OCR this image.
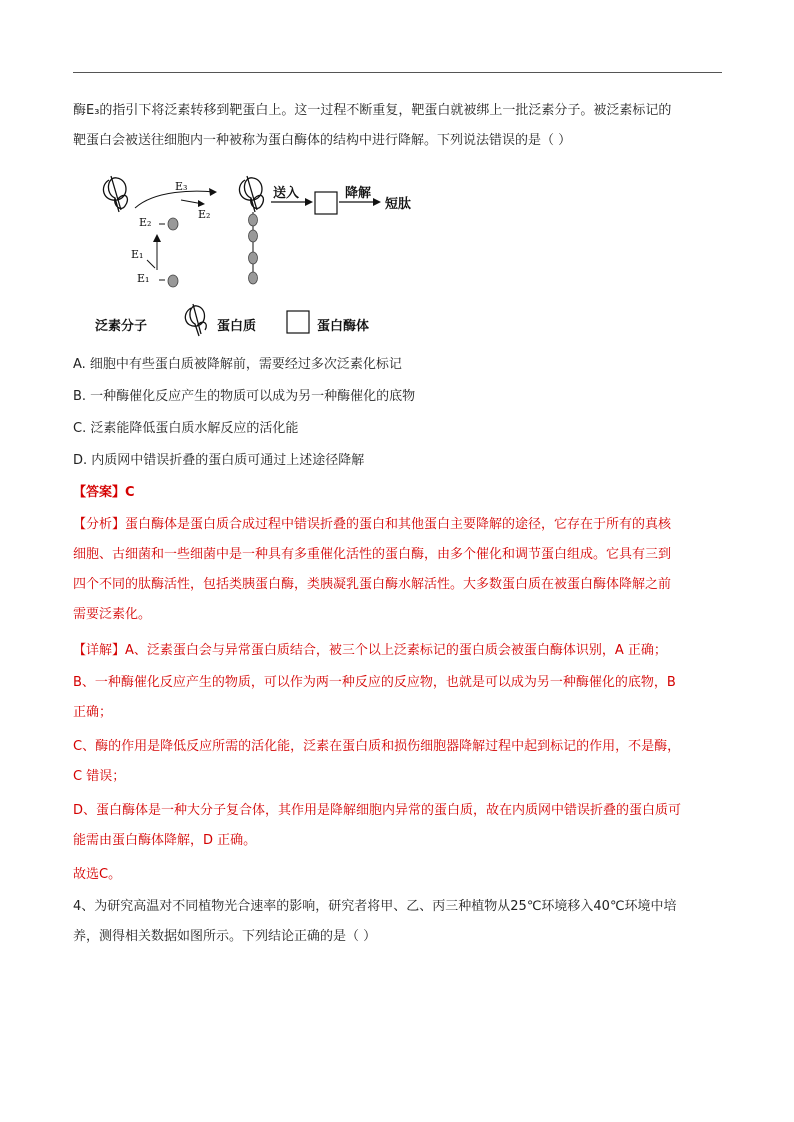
酶E₃的指引下将泛素转移到靶蛋白上。这一过程不断重复，靶蛋白就被绑上一批泛素分子。被泛素标记的

靶蛋白会被送往细胞内一种被称为蛋白酶体的结构中进行降解。下列说法错误的是（ ）

E₃
E₂
E₂
E₁
E₁
送入	降解
短肽
泛素分子	蛋白质	蛋白酶体

A. 细胞中有些蛋白质被降解前，需要经过多次泛素化标记

B. 一种酶催化反应产生的物质可以成为另一种酶催化的底物

C. 泛素能降低蛋白质水解反应的活化能

D. 内质网中错误折叠的蛋白质可通过上述途径降解

【答案】C

【分析】蛋白酶体是蛋白质合成过程中错误折叠的蛋白和其他蛋白主要降解的途径，它存在于所有的真核

细胞、古细菌和一些细菌中是一种具有多重催化活性的蛋白酶，由多个催化和调节蛋白组成。它具有三到

四个不同的肽酶活性，包括类胰蛋白酶，类胰凝乳蛋白酶水解活性。大多数蛋白质在被蛋白酶体降解之前

需要泛素化。

【详解】A、泛素蛋白会与异常蛋白质结合，被三个以上泛素标记的蛋白质会被蛋白酶体识别，A 正确；

B、一种酶催化反应产生的物质，可以作为两一种反应的反应物，也就是可以成为另一种酶催化的底物，B

正确；

C、酶的作用是降低反应所需的活化能，泛素在蛋白质和损伤细胞器降解过程中起到标记的作用，不是酶，

C 错误；

D、蛋白酶体是一种大分子复合体，其作用是降解细胞内异常的蛋白质，故在内质网中错误折叠的蛋白质可

能需由蛋白酶体降解，D 正确。

故选C。

4、为研究高温对不同植物光合速率的影响，研究者将甲、乙、丙三种植物从25℃环境移入40℃环境中培

养，测得相关数据如图所示。下列结论正确的是（ ）
